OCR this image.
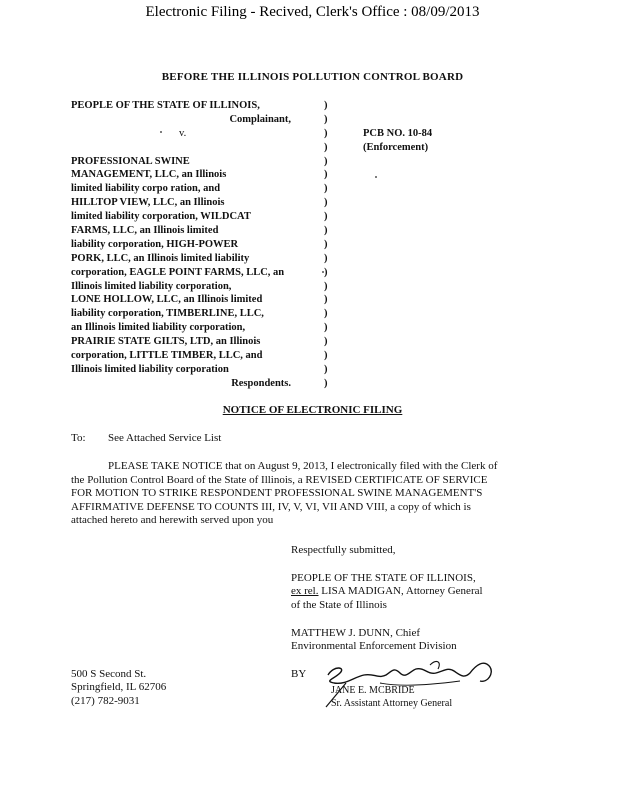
Electronic Filing - Recived, Clerk's Office : 08/09/2013
BEFORE THE ILLINOIS POLLUTION CONTROL BOARD
PEOPLE OF THE STATE OF ILLINOIS,
Complainant,
v.
PROFESSIONAL SWINE
MANAGEMENT, LLC, an Illinois
limited liability corpo ration, and
HILLTOP VIEW, LLC, an Illinois
limited liability corporation, WILDCAT
FARMS, LLC, an Illinois limited
liability corporation, HIGH-POWER
PORK, LLC, an Illinois limited liability
corporation, EAGLE POINT FARMS, LLC, an
Illinois limited liability corporation,
LONE HOLLOW, LLC, an Illinois limited
liability corporation, TIMBERLINE, LLC,
an Illinois limited liability corporation,
PRAIRIE STATE GILTS, LTD, an Illinois
corporation, LITTLE TIMBER, LLC, and
Illinois limited liability corporation
Respondents.
)
)
)
)
)
)
)
)
)
)
)
)
)
)
)
)
)
)
)
)
)
PCB NO. 10-84
(Enforcement)
NOTICE OF ELECTRONIC FILING
To: See Attached Service List
PLEASE TAKE NOTICE that on August 9, 2013, I electronically filed with the Clerk of
the Pollution Control Board of the State of Illinois, a REVISED CERTIFICATE OF SERVICE
FOR MOTION TO STRIKE RESPONDENT PROFESSIONAL SWINE MANAGEMENT'S
AFFIRMATIVE DEFENSE TO COUNTS III, IV, V, VI, VII AND VIII, a copy of which is
attached hereto and herewith served upon you
Respectfully submitted,
PEOPLE OF THE STATE OF ILLINOIS,
ex rel. LISA MADIGAN, Attorney General
of the State of Illinois
MATTHEW J. DUNN, Chief
Environmental Enforcement Division
500 S Second St.
Springfield, IL 62706
(217) 782-9031
BY
JANE E. MCBRIDE
Sr. Assistant Attorney General
